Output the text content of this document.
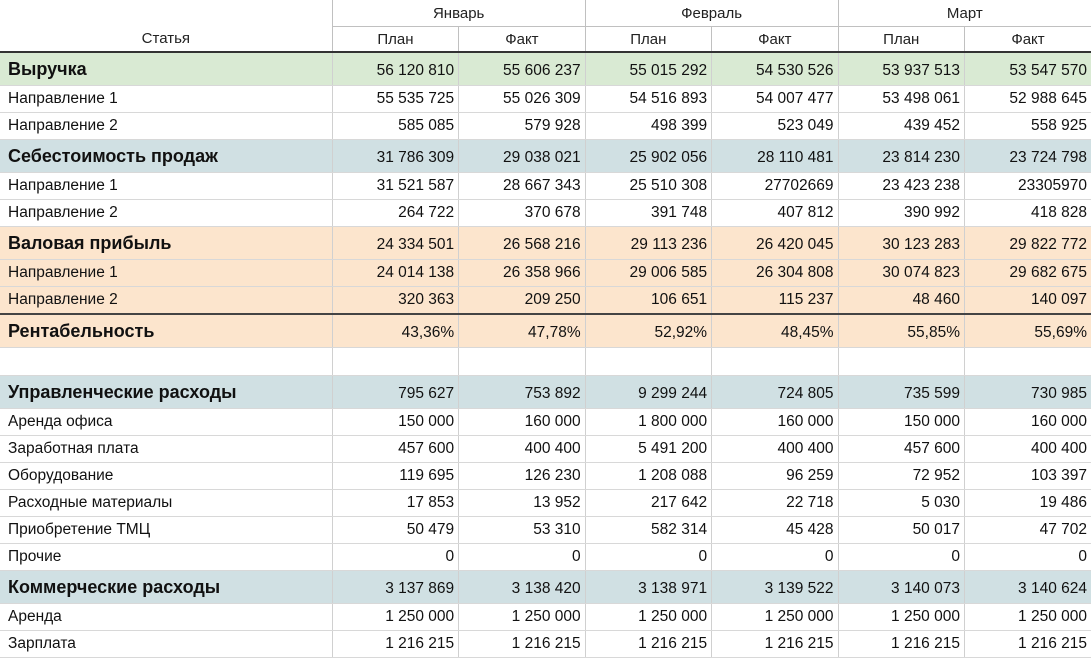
	Январь		Февраль		Март	
Статья	План	Факт	План	Факт	План	Факт
Выручка	56 120 810	55 606 237	55 015 292	54 530 526	53 937 513	53 547 570
Направление 1	55 535 725	55 026 309	54 516 893	54 007 477	53 498 061	52 988 645
Направление 2	585 085	579 928	498 399	523 049	439 452	558 925
Себестоимость продаж	31 786 309	29 038 021	25 902 056	28 110 481	23 814 230	23 724 798
Направление 1	31 521 587	28 667 343	25 510 308	27702669	23 423 238	23305970
Направление 2	264 722	370 678	391 748	407 812	390 992	418 828
Валовая прибыль	24 334 501	26 568 216	29 113 236	26 420 045	30 123 283	29 822 772
Направление 1	24 014 138	26 358 966	29 006 585	26 304 808	30 074 823	29 682 675
Направление 2	320 363	209 250	106 651	115 237	48 460	140 097
Рентабельность	43,36%	47,78%	52,92%	48,45%	55,85%	55,69%

Управленческие расходы	795 627	753 892	9 299 244	724 805	735 599	730 985
Аренда офиса	150 000	160 000	1 800 000	160 000	150 000	160 000
Заработная плата	457 600	400 400	5 491 200	400 400	457 600	400 400
Оборудование	119 695	126 230	1 208 088	96 259	72 952	103 397
Расходные материалы	17 853	13 952	217 642	22 718	5 030	19 486
Приобретение ТМЦ	50 479	53 310	582 314	45 428	50 017	47 702
Прочие	0	0	0	0	0	0
Коммерческие расходы	3 137 869	3 138 420	3 138 971	3 139 522	3 140 073	3 140 624
Аренда	1 250 000	1 250 000	1 250 000	1 250 000	1 250 000	1 250 000
Зарплата	1 216 215	1 216 215	1 216 215	1 216 215	1 216 215	1 216 215
